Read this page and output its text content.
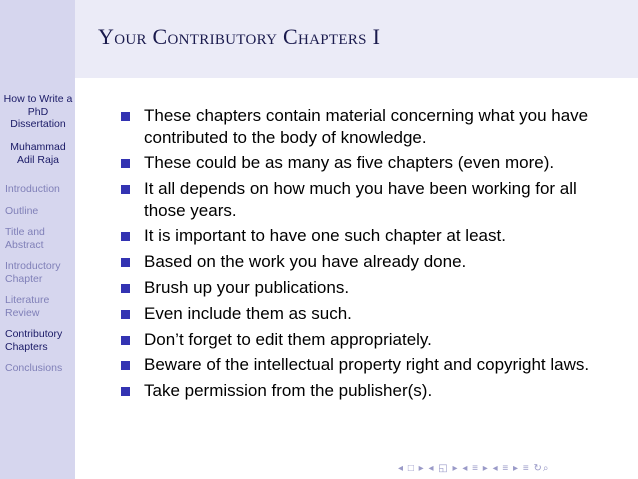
How to Write a PhD Dissertation
Muhammad Adil Raja
Introduction
Outline
Title and Abstract
Introductory Chapter
Literature Review
Contributory Chapters
Conclusions
Your Contributory Chapters I
These chapters contain material concerning what you have contributed to the body of knowledge.
These could be as many as five chapters (even more).
It all depends on how much you have been working for all those years.
It is important to have one such chapter at least.
Based on the work you have already done.
Brush up your publications.
Even include them as such.
Don’t forget to edit them appropriately.
Beware of the intellectual property right and copyright laws.
Take permission from the publisher(s).
◂ □ ▸ ◂ ◱ ▸ ◂ ≡ ▸ ◂ ≡ ▸ ≡ ↻⌕
